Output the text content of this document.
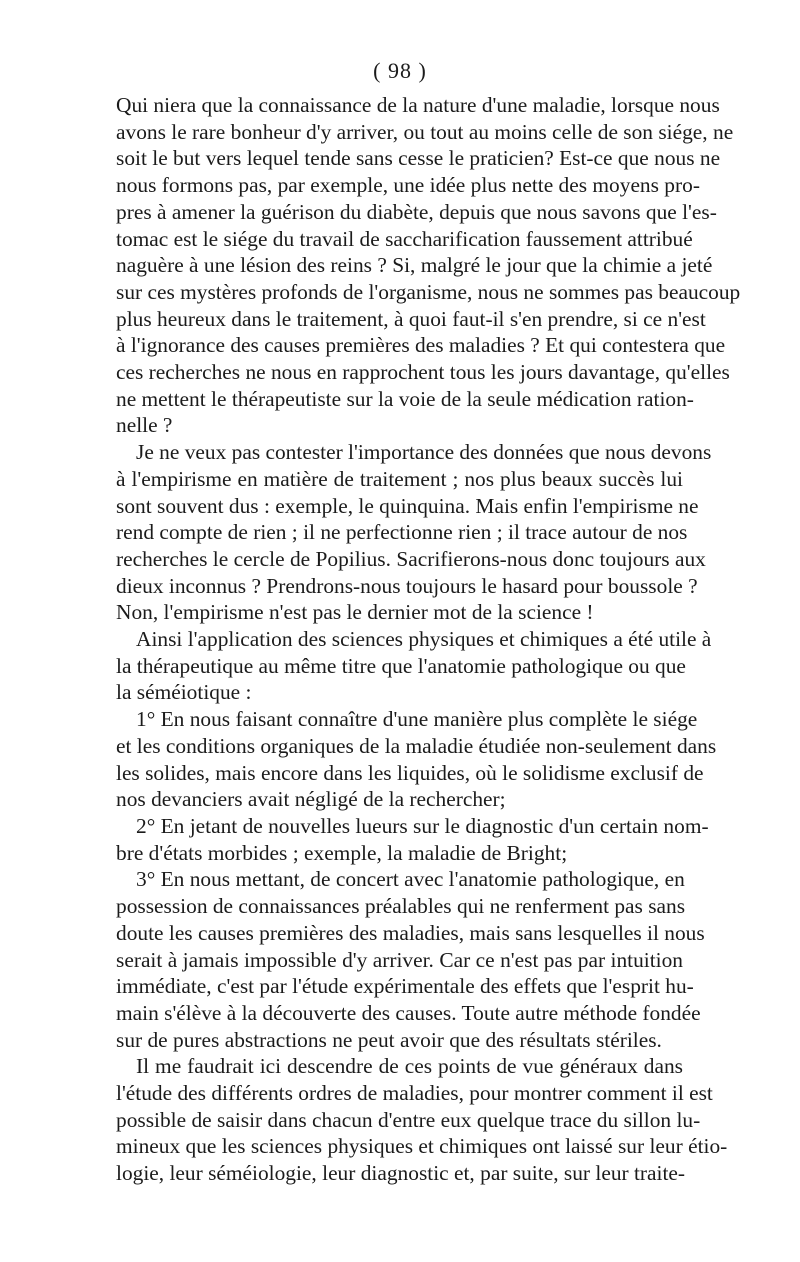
( 98 )

Qui niera que la connaissance de la nature d'une maladie, lorsque nous
avons le rare bonheur d'y arriver, ou tout au moins celle de son siége, ne
soit le but vers lequel tende sans cesse le praticien? Est-ce que nous ne
nous formons pas, par exemple, une idée plus nette des moyens pro-
pres à amener la guérison du diabète, depuis que nous savons que l'es-
tomac est le siége du travail de saccharification faussement attribué
naguère à une lésion des reins ? Si, malgré le jour que la chimie a jeté
sur ces mystères profonds de l'organisme, nous ne sommes pas beaucoup
plus heureux dans le traitement, à quoi faut-il s'en prendre, si ce n'est
à l'ignorance des causes premières des maladies ? Et qui contestera que
ces recherches ne nous en rapprochent tous les jours davantage, qu'elles
ne mettent le thérapeutiste sur la voie de la seule médication ration-
nelle ?

Je ne veux pas contester l'importance des données que nous devons
à l'empirisme en matière de traitement ; nos plus beaux succès lui
sont souvent dus : exemple, le quinquina. Mais enfin l'empirisme ne
rend compte de rien ; il ne perfectionne rien ; il trace autour de nos
recherches le cercle de Popilius. Sacrifierons-nous donc toujours aux
dieux inconnus ? Prendrons-nous toujours le hasard pour boussole ?
Non, l'empirisme n'est pas le dernier mot de la science !

Ainsi l'application des sciences physiques et chimiques a été utile à
la thérapeutique au même titre que l'anatomie pathologique ou que
la séméiotique :

1° En nous faisant connaître d'une manière plus complète le siége
et les conditions organiques de la maladie étudiée non-seulement dans
les solides, mais encore dans les liquides, où le solidisme exclusif de
nos devanciers avait négligé de la rechercher;

2° En jetant de nouvelles lueurs sur le diagnostic d'un certain nom-
bre d'états morbides ; exemple, la maladie de Bright;

3° En nous mettant, de concert avec l'anatomie pathologique, en
possession de connaissances préalables qui ne renferment pas sans
doute les causes premières des maladies, mais sans lesquelles il nous
serait à jamais impossible d'y arriver. Car ce n'est pas par intuition
immédiate, c'est par l'étude expérimentale des effets que l'esprit hu-
main s'élève à la découverte des causes. Toute autre méthode fondée
sur de pures abstractions ne peut avoir que des résultats stériles.

Il me faudrait ici descendre de ces points de vue généraux dans
l'étude des différents ordres de maladies, pour montrer comment il est
possible de saisir dans chacun d'entre eux quelque trace du sillon lu-
mineux que les sciences physiques et chimiques ont laissé sur leur étio-
logie, leur séméiologie, leur diagnostic et, par suite, sur leur traite-
